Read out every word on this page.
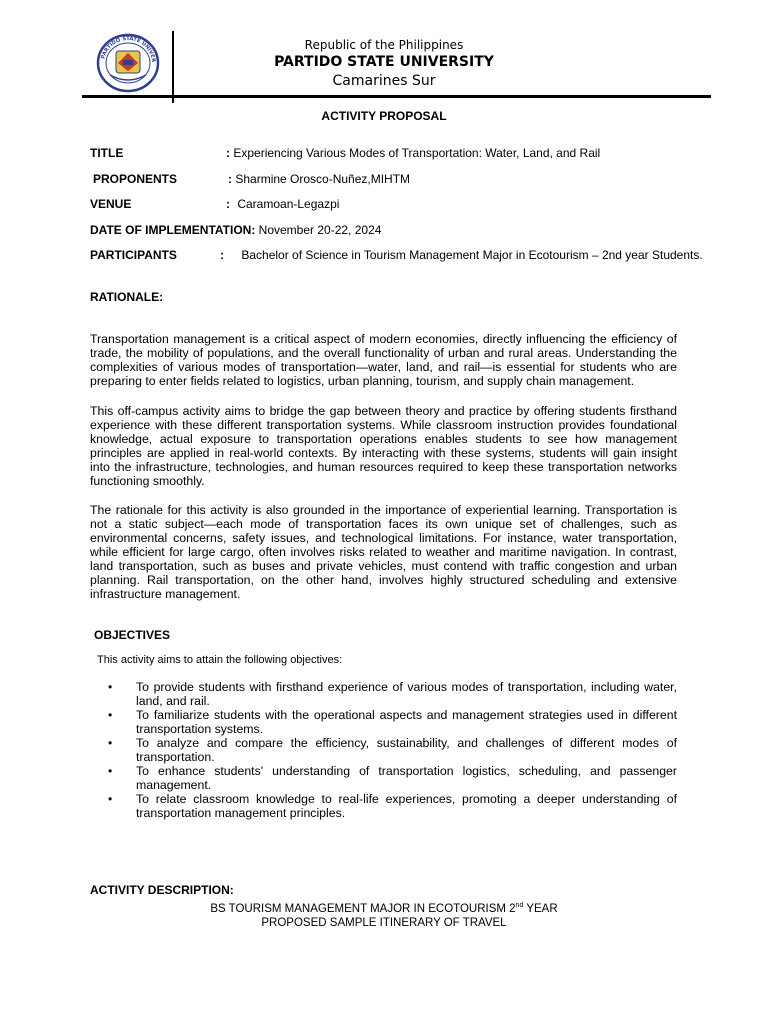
PARTIDO STATE UNIVER
Republic of the Philippines
PARTIDO STATE UNIVERSITY
Camarines Sur
ACTIVITY PROPOSAL
TITLE	: Experiencing Various Modes of Transportation: Water, Land, and Rail
PROPONENTS	: Sharmine Orosco-Nuñez,MIHTM
VENUE	: Caramoan-Legazpi
DATE OF IMPLEMENTATION: November 20-22, 2024
PARTICIPANTS	: Bachelor of Science in Tourism Management Major in Ecotourism – 2nd year Students.
RATIONALE:
Transportation management is a critical aspect of modern economies, directly influencing the efficiency of trade, the mobility of populations, and the overall functionality of urban and rural areas. Understanding the complexities of various modes of transportation—water, land, and rail—is essential for students who are preparing to enter fields related to logistics, urban planning, tourism, and supply chain management.
This off-campus activity aims to bridge the gap between theory and practice by offering students firsthand experience with these different transportation systems. While classroom instruction provides foundational knowledge, actual exposure to transportation operations enables students to see how management principles are applied in real-world contexts. By interacting with these systems, students will gain insight into the infrastructure, technologies, and human resources required to keep these transportation networks functioning smoothly.
The rationale for this activity is also grounded in the importance of experiential learning. Transportation is not a static subject—each mode of transportation faces its own unique set of challenges, such as environmental concerns, safety issues, and technological limitations. For instance, water transportation, while efficient for large cargo, often involves risks related to weather and maritime navigation. In contrast, land transportation, such as buses and private vehicles, must contend with traffic congestion and urban planning. Rail transportation, on the other hand, involves highly structured scheduling and extensive infrastructure management.
OBJECTIVES
This activity aims to attain the following objectives:
• To provide students with firsthand experience of various modes of transportation, including water, land, and rail.
• To familiarize students with the operational aspects and management strategies used in different transportation systems.
• To analyze and compare the efficiency, sustainability, and challenges of different modes of transportation.
• To enhance students' understanding of transportation logistics, scheduling, and passenger management.
• To relate classroom knowledge to real-life experiences, promoting a deeper understanding of transportation management principles.
ACTIVITY DESCRIPTION:
BS TOURISM MANAGEMENT MAJOR IN ECOTOURISM 2nd YEAR
PROPOSED SAMPLE ITINERARY OF TRAVEL
